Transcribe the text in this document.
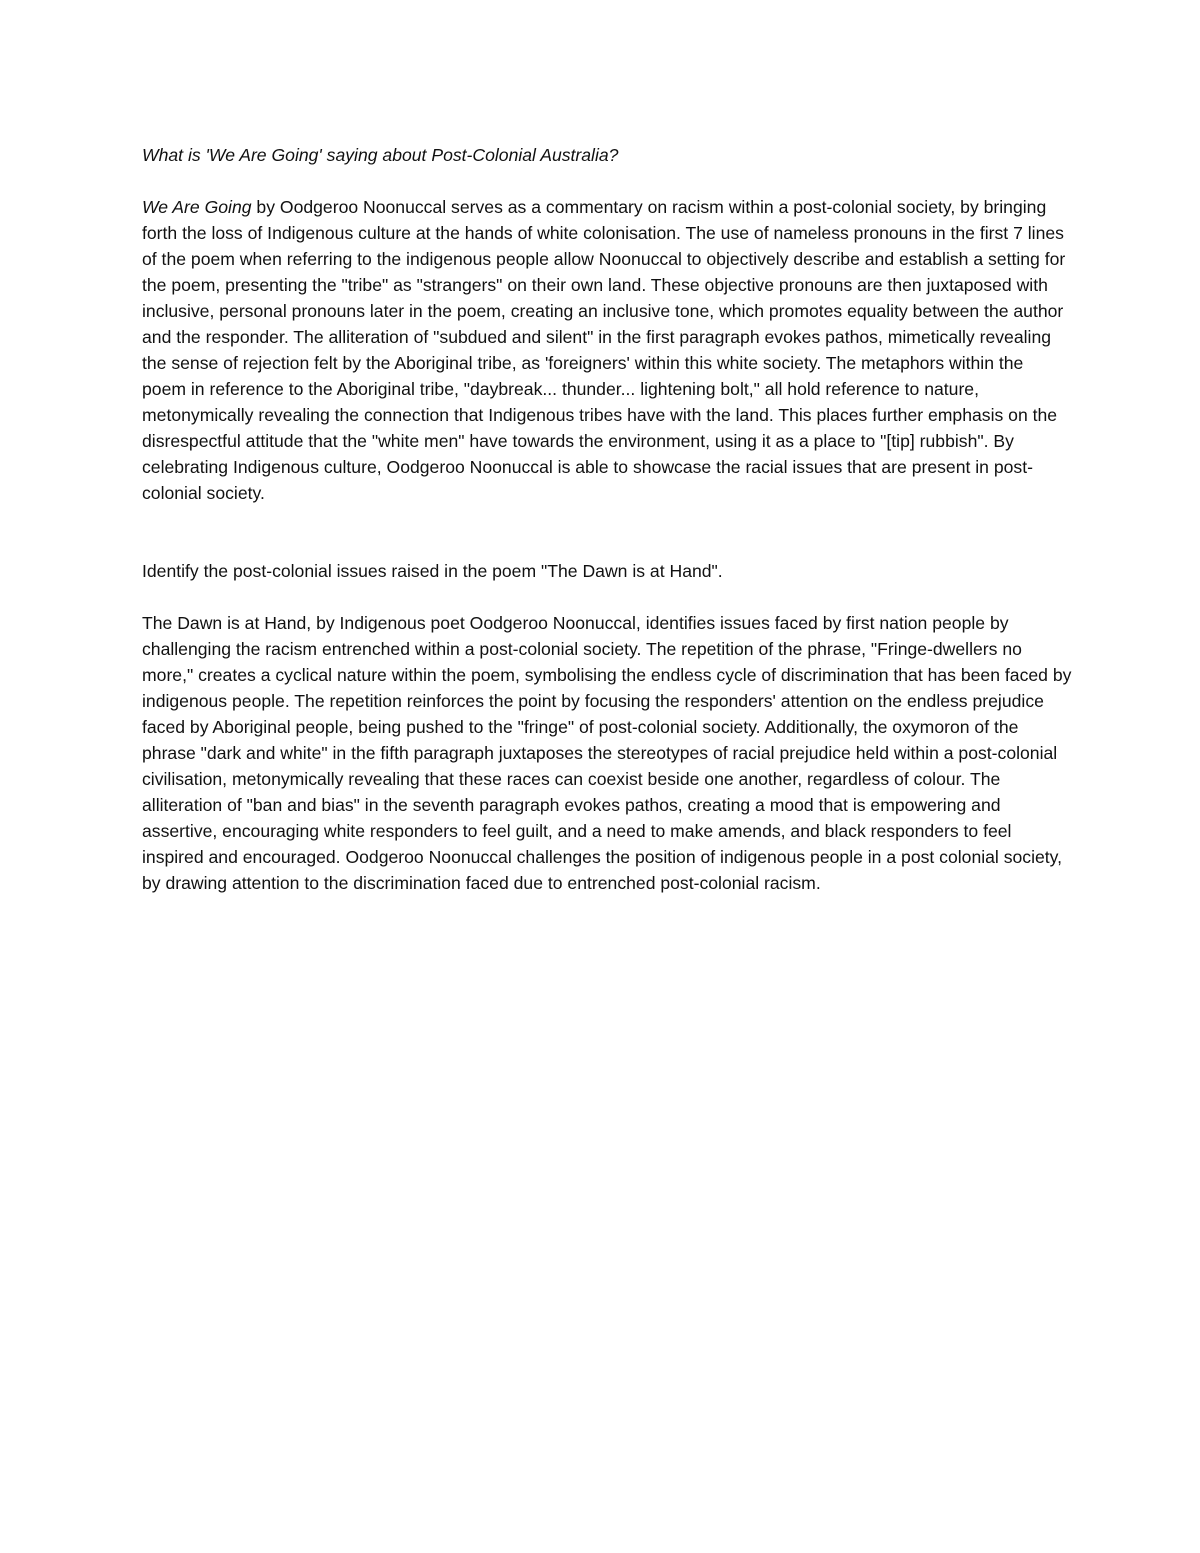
What is 'We Are Going' saying about Post-Colonial Australia?

We Are Going by Oodgeroo Noonuccal serves as a commentary on racism within a post-colonial society, by bringing forth the loss of Indigenous culture at the hands of white colonisation. The use of nameless pronouns in the first 7 lines of the poem when referring to the indigenous people allow Noonuccal to objectively describe and establish a setting for the poem, presenting the "tribe" as "strangers" on their own land. These objective pronouns are then juxtaposed with inclusive, personal pronouns later in the poem, creating an inclusive tone, which promotes equality between the author and the responder. The alliteration of "subdued and silent" in the first paragraph evokes pathos, mimetically revealing the sense of rejection felt by the Aboriginal tribe, as 'foreigners' within this white society. The metaphors within the poem in reference to the Aboriginal tribe, "daybreak... thunder... lightening bolt," all hold reference to nature, metonymically revealing the connection that Indigenous tribes have with the land. This places further emphasis on the disrespectful attitude that the "white men" have towards the environment, using it as a place to "[tip] rubbish". By celebrating Indigenous culture, Oodgeroo Noonuccal is able to showcase the racial issues that are present in post-colonial society.

Identify the post-colonial issues raised in the poem "The Dawn is at Hand".

The Dawn is at Hand, by Indigenous poet Oodgeroo Noonuccal, identifies issues faced by first nation people by challenging the racism entrenched within a post-colonial society. The repetition of the phrase, "Fringe-dwellers no more," creates a cyclical nature within the poem, symbolising the endless cycle of discrimination that has been faced by indigenous people. The repetition reinforces the point by focusing the responders' attention on the endless prejudice faced by Aboriginal people, being pushed to the "fringe" of post-colonial society. Additionally, the oxymoron of the phrase "dark and white" in the fifth paragraph juxtaposes the stereotypes of racial prejudice held within a post-colonial civilisation, metonymically revealing that these races can coexist beside one another, regardless of colour. The alliteration of "ban and bias" in the seventh paragraph evokes pathos, creating a mood that is empowering and assertive, encouraging white responders to feel guilt, and a need to make amends, and black responders to feel inspired and encouraged. Oodgeroo Noonuccal challenges the position of indigenous people in a post colonial society, by drawing attention to the discrimination faced due to entrenched post-colonial racism.
